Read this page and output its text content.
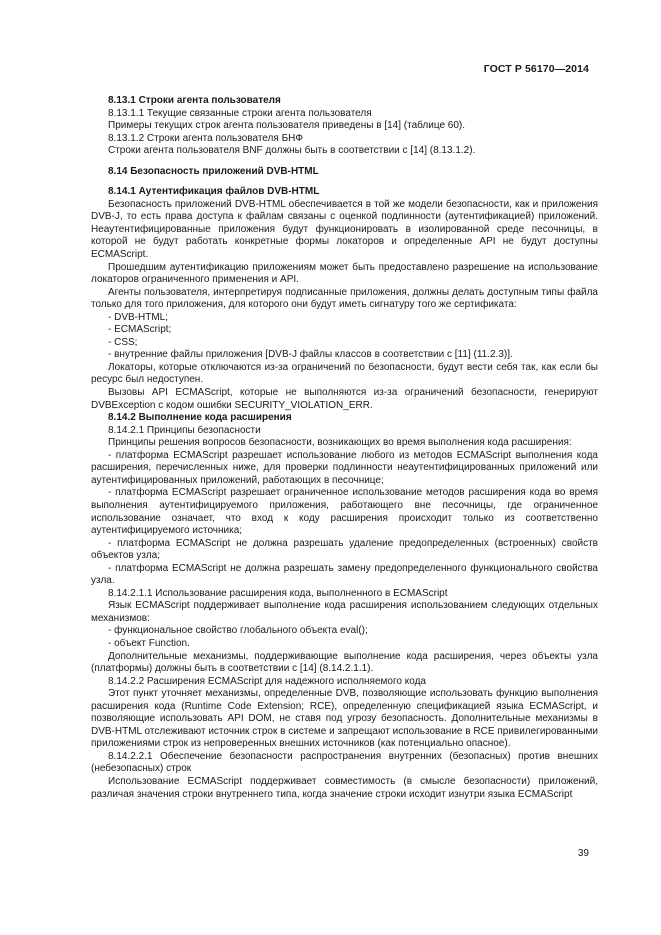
ГОСТ Р 56170—2014

8.13.1 Строки агента пользователя

8.13.1.1 Текущие связанные строки агента пользователя

Примеры текущих строк агента пользователя приведены в [14] (таблице 60).

8.13.1.2 Строки агента пользователя БНФ

Строки агента пользователя BNF должны быть в соответствии с [14] (8.13.1.2).

8.14 Безопасность приложений DVB-HTML

8.14.1 Аутентификация файлов DVB-HTML

Безопасность приложений DVB-HTML обеспечивается в той же модели безопасности, как и приложения DVB-J, то есть права доступа к файлам связаны с оценкой подлинности (аутентификацией) приложений. Неаутентифицированные приложения будут функционировать в изолированной среде песочницы, в которой не будут работать конкретные формы локаторов и определенные API не будут доступны ECMAScript.

Прошедшим аутентификацию приложениям может быть предоставлено разрешение на использование локаторов ограниченного применения и API.

Агенты пользователя, интерпретируя подписанные приложения, должны делать доступным типы файла только для того приложения, для которого они будут иметь сигнатуру того же сертификата:

- DVB-HTML;

- ECMAScript;

- CSS;

- внутренние файлы приложения [DVB-J файлы классов в соответствии с [11] (11.2.3)].

Локаторы, которые отключаются из-за ограничений по безопасности, будут вести себя так, как если бы ресурс был недоступен.

Вызовы API ECMAScript, которые не выполняются из-за ограничений безопасности, генерируют DVBException с кодом ошибки SECURITY_VIOLATION_ERR.

8.14.2 Выполнение кода расширения

8.14.2.1 Принципы безопасности

Принципы решения вопросов безопасности, возникающих во время выполнения кода расширения:

- платформа ECMAScript разрешает использование любого из методов ECMAScript выполнения кода расширения, перечисленных ниже, для проверки подлинности неаутентифицированных приложений или аутентифицированных приложений, работающих в песочнице;

- платформа ECMAScript разрешает ограниченное использование методов расширения кода во время выполнения аутентифицируемого приложения, работающего вне песочницы, где ограниченное использование означает, что вход к коду расширения происходит только из соответственно аутентифицируемого источника;

- платформа ECMAScript не должна разрешать удаление предопределенных (встроенных) свойств объектов узла;

- платформа ECMAScript не должна разрешать замену предопределенного функционального свойства узла.

8.14.2.1.1 Использование расширения кода, выполненного в ECMAScript

Язык ECMAScript поддерживает выполнение кода расширения использованием следующих отдельных механизмов:

- функциональное свойство глобального объекта eval();

- объект Function.

Дополнительные механизмы, поддерживающие выполнение кода расширения, через объекты узла (платформы) должны быть в соответствии с [14] (8.14.2.1.1).

8.14.2.2 Расширения ECMAScript для надежного исполняемого кода

Этот пункт уточняет механизмы, определенные DVB, позволяющие использовать функцию выполнения расширения кода (Runtime Code Extension; RCE), определенную спецификацией языка ECMAScript, и позволяющие использовать API DOM, не ставя под угрозу безопасность. Дополнительные механизмы в DVB-HTML отслеживают источник строк в системе и запрещают использование в RCE привилегированными приложениями строк из непроверенных внешних источников (как потенциально опасное).

8.14.2.2.1 Обеспечение безопасности распространения внутренних (безопасных) против внешних (небезопасных) строк

Использование ECMAScript поддерживает совместимость (в смысле безопасности) приложений, различая значения строки внутреннего типа, когда значение строки исходит изнутри языка ECMAScript

39
